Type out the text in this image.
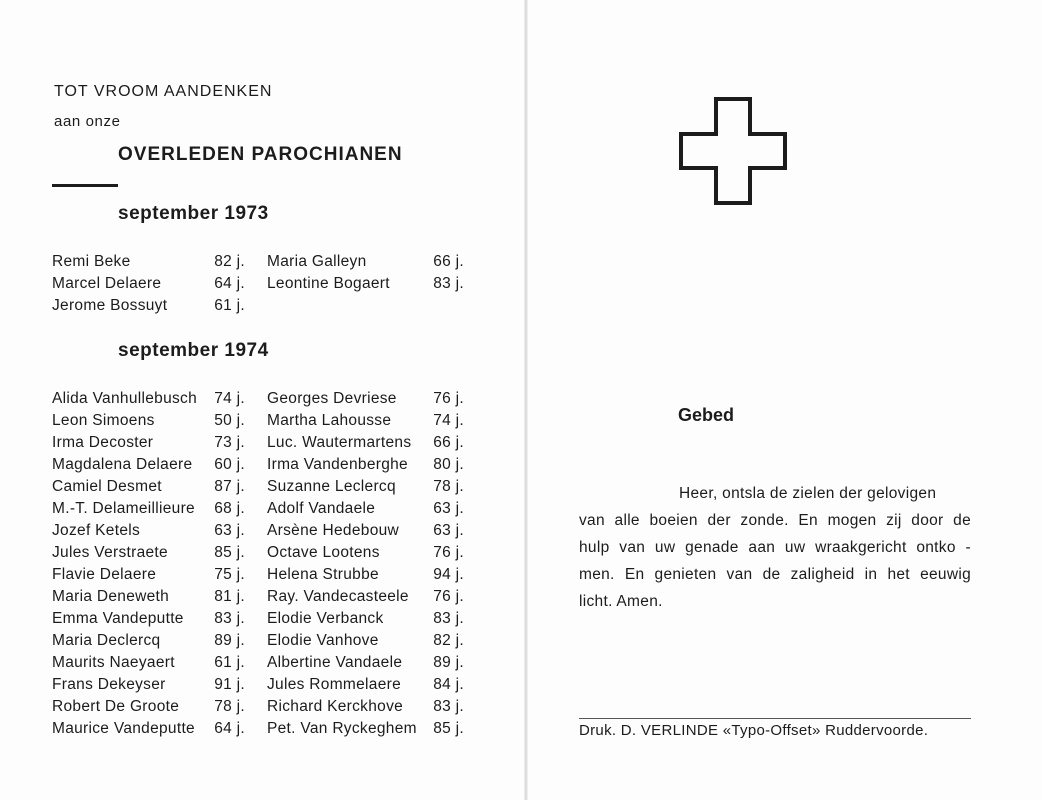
TOT VROOM AANDENKEN
aan onze
OVERLEDEN PAROCHIANEN
september 1973
Remi Beke	82 j. Maria Galleyn	66 j.
Marcel Delaere	64 j. Leontine Bogaert	83 j.
Jerome Bossuyt	61 j.
september 1974
Alida Vanhullebusch	74 j. Georges Devriese	76 j.
Leon Simoens	50 j. Martha Lahousse	74 j.
Irma Decoster	73 j. Luc. Wautermartens	66 j.
Magdalena Delaere	60 j. Irma Vandenberghe	80 j.
Camiel Desmet	87 j. Suzanne Leclercq	78 j.
M.-T. Delameillieure	68 j. Adolf Vandaele	63 j.
Jozef Ketels	63 j. Arsène Hedebouw	63 j.
Jules Verstraete	85 j. Octave Lootens	76 j.
Flavie Delaere	75 j. Helena Strubbe	94 j.
Maria Deneweth	81 j. Ray. Vandecasteele	76 j.
Emma Vandeputte	83 j. Elodie Verbanck	83 j.
Maria Declercq	89 j. Elodie Vanhove	82 j.
Maurits Naeyaert	61 j. Albertine Vandaele	89 j.
Frans Dekeyser	91 j. Jules Rommelaere	84 j.
Robert De Groote	78 j. Richard Kerckhove	83 j.
Maurice Vandeputte	64 j. Pet. Van Ryckeghem	85 j.
Gebed
Heer, ontsla de zielen der gelovigen
van alle boeien der zonde. En mogen zij door de
hulp van uw genade aan uw wraakgericht ontko -
men. En genieten van de zaligheid in het eeuwig
licht. Amen.
Druk. D. VERLINDE «Typo-Offset» Ruddervoorde.
